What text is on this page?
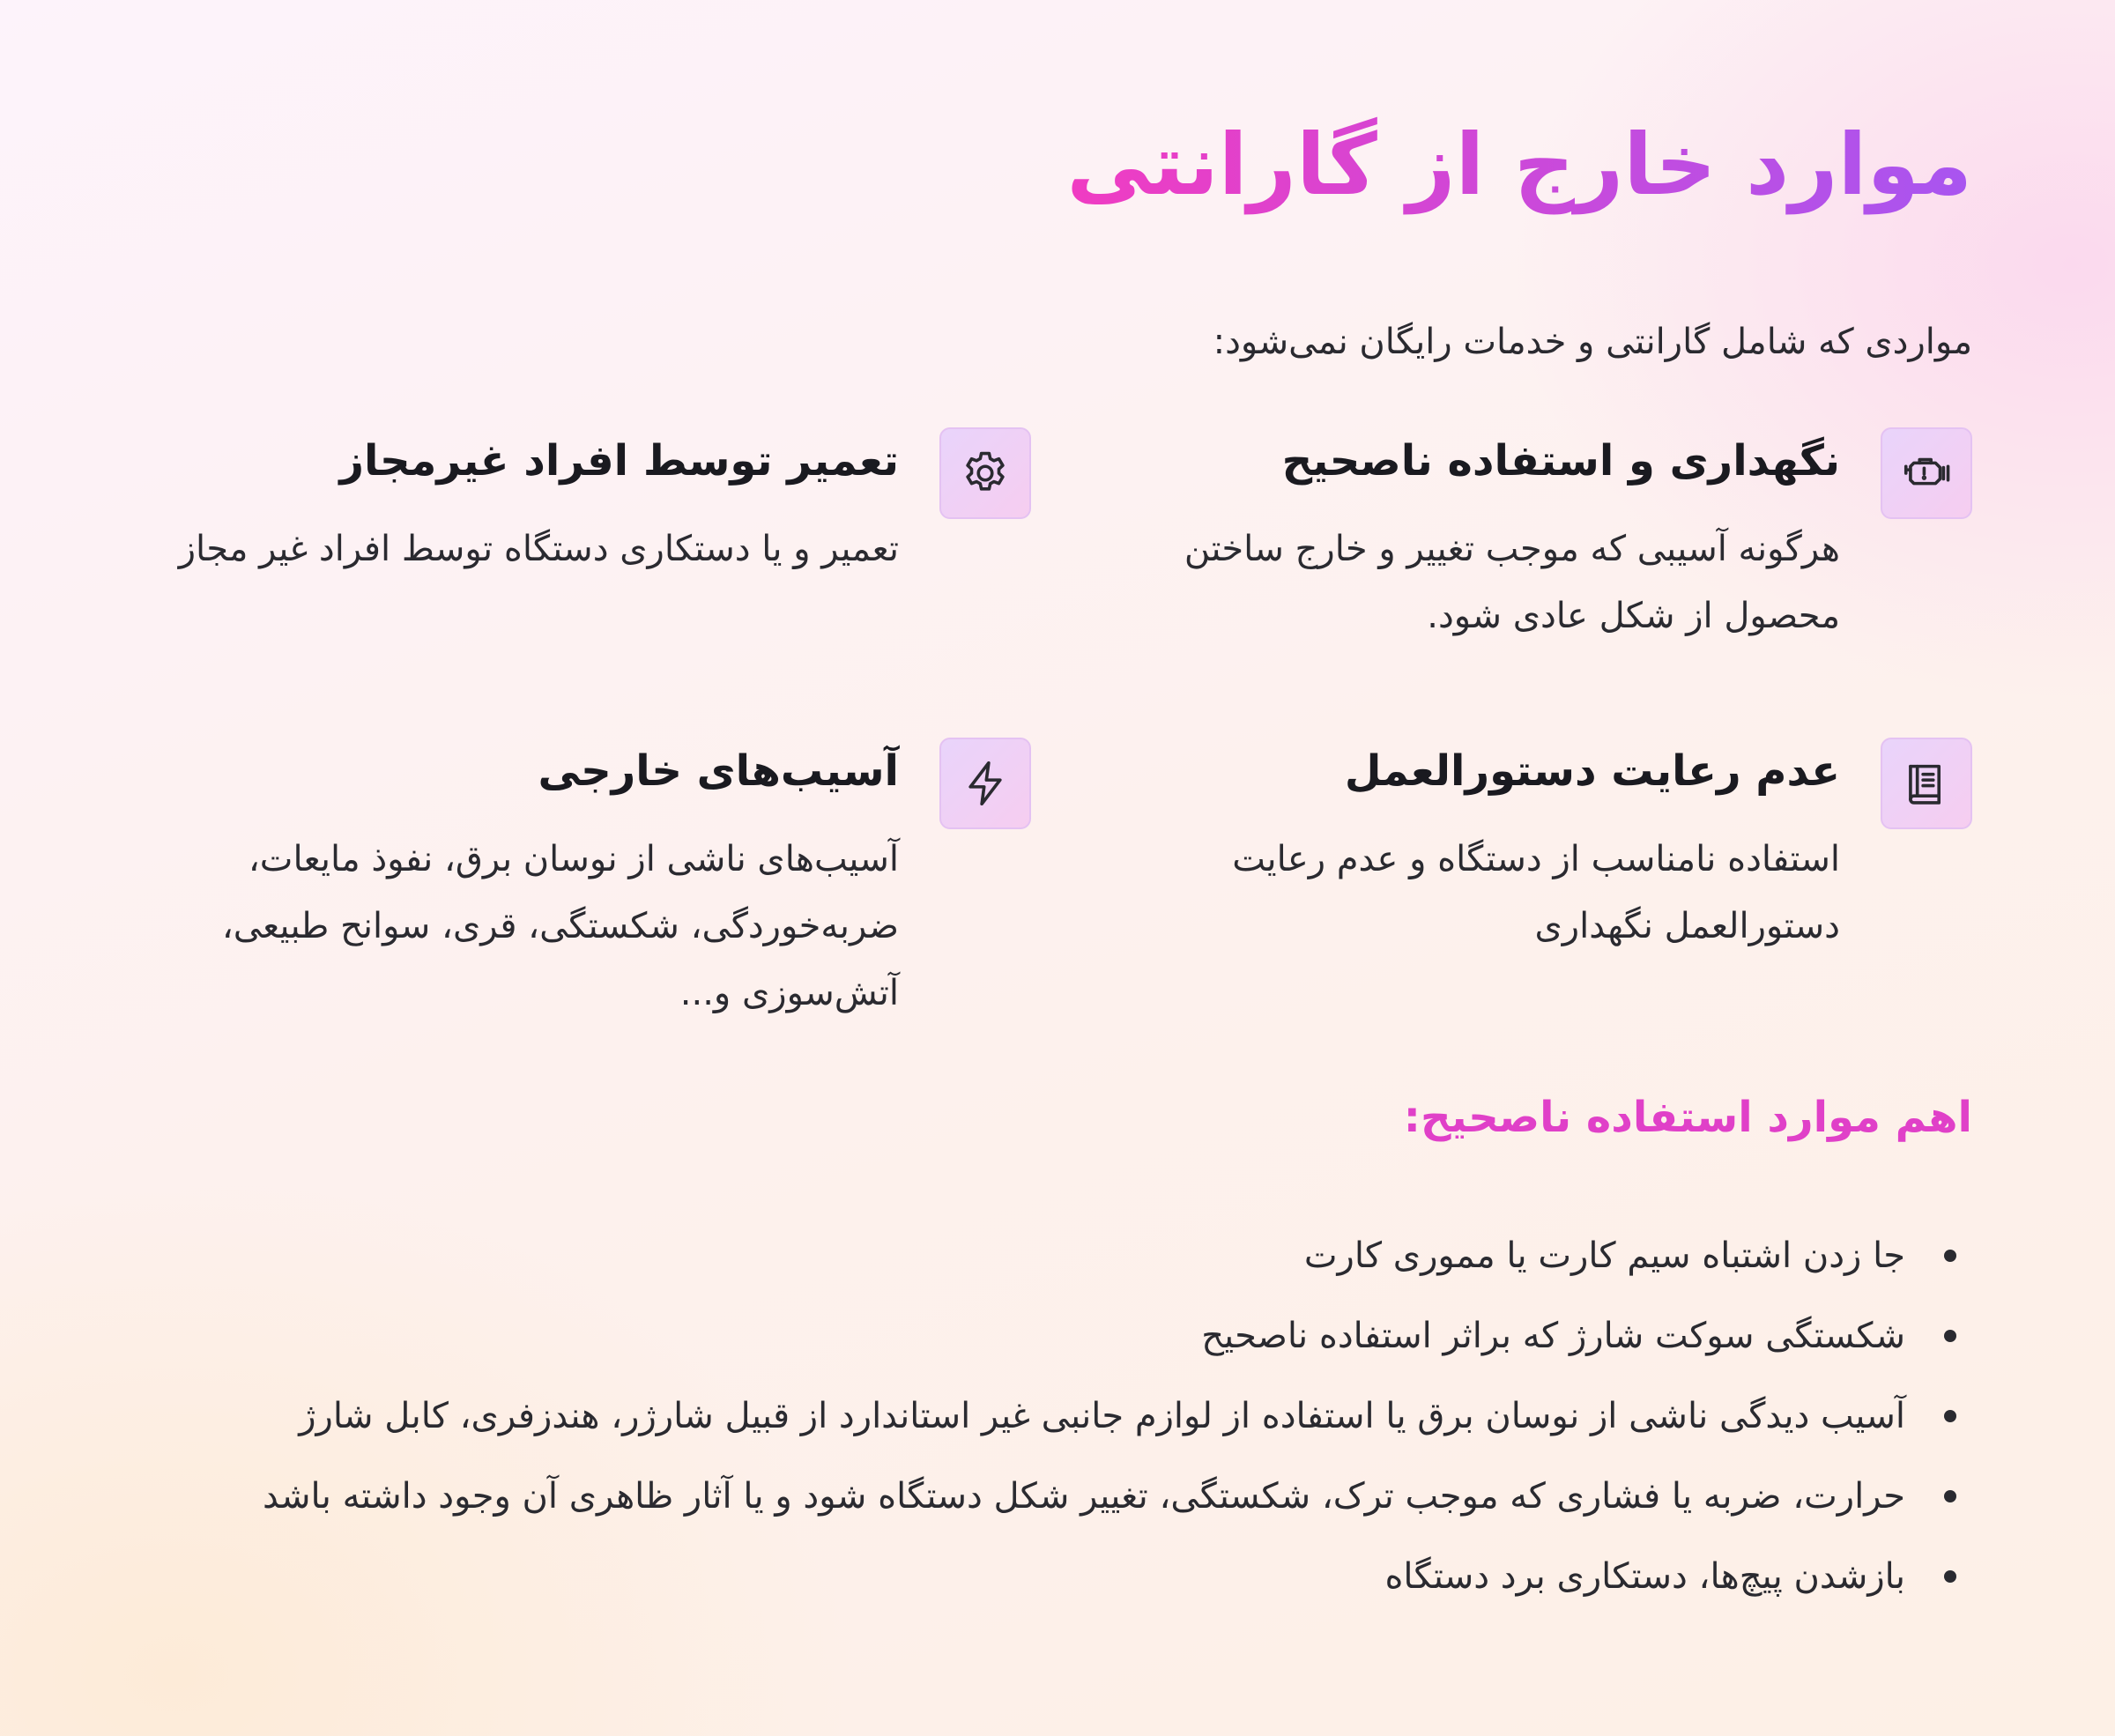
موارد خارج از گارانتی

مواردی که شامل گارانتی و خدمات رایگان نمی‌شود:

نگهداری و استفاده ناصحیح

هرگونه آسیبی که موجب تغییر و خارج ساختن محصول از شکل عادی شود.

تعمیر توسط افراد غیرمجاز

تعمیر و یا دستکاری دستگاه توسط افراد غیر مجاز

عدم رعایت دستورالعمل

استفاده نامناسب از دستگاه و عدم رعایت دستورالعمل نگهداری

آسیب‌های خارجی

آسیب‌های ناشی از نوسان برق، نفوذ مایعات، ضربه‌خوردگی، شکستگی، قری، سوانح طبیعی، آتش‌سوزی و...

اهم موارد استفاده ناصحیح:
جا زدن اشتباه سیم کارت یا مموری کارت
شکستگی سوکت شارژ که براثر استفاده ناصحیح
آسیب دیدگی ناشی از نوسان برق یا استفاده از لوازم جانبی غیر استاندارد از قبیل شارژر، هندزفری، کابل شارژ
حرارت، ضربه یا فشاری که موجب ترک، شکستگی، تغییر شکل دستگاه شود و یا آثار ظاهری آن وجود داشته باشد
بازشدن پیچ‌ها، دستکاری برد دستگاه
